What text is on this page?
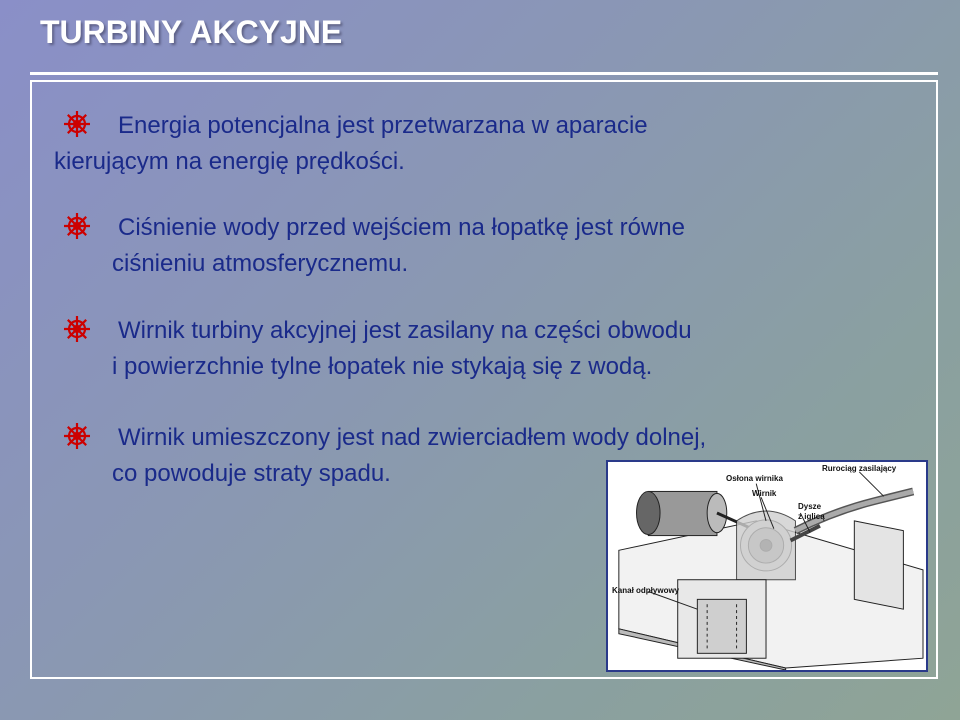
TURBINY AKCYJNE
Energia potencjalna jest przetwarzana w aparacie
kierującym na energię prędkości.
Ciśnienie wody przed wejściem na łopatkę jest równe
ciśnieniu atmosferycznemu.
Wirnik turbiny akcyjnej jest zasilany na części obwodu
i powierzchnie tylne łopatek nie stykają się z wodą.
Wirnik umieszczony jest nad zwierciadłem wody dolnej,
co powoduje straty spadu.	Osłona wirnika
Wirnik
Rurociąg zasilający
Dysze
z iglicą
Kanał odpływowy
